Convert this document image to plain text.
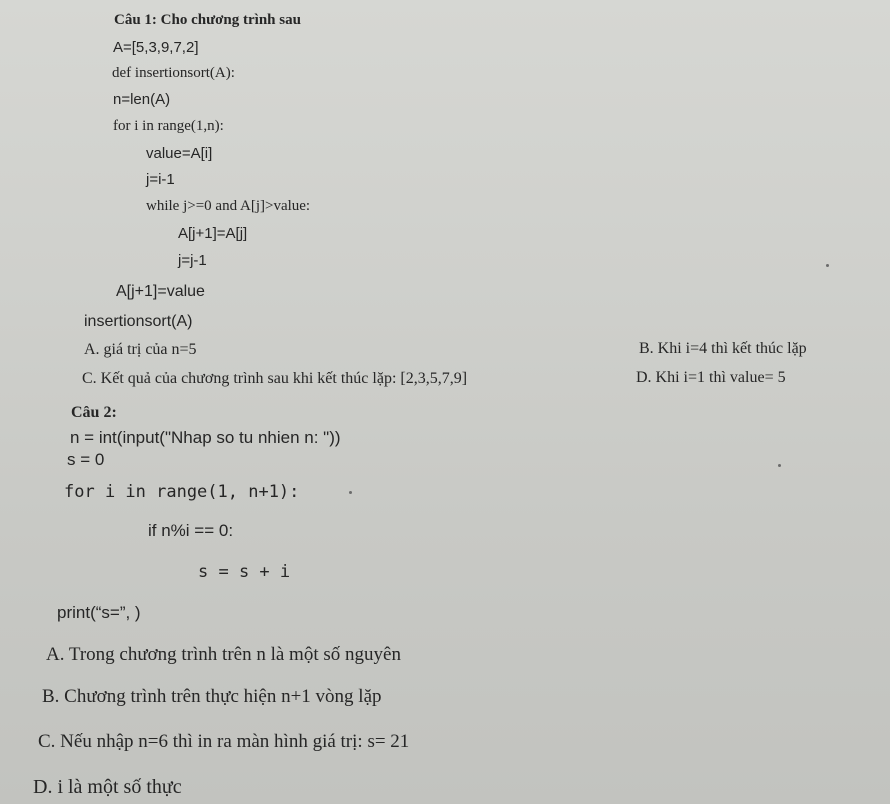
Câu 1: Cho chương trình sau
A=[5,3,9,7,2]
def insertionsort(A):
n=len(A)
for i in range(1,n):
value=A[i]
j=i-1
while j>=0 and A[j]>value:
A[j+1]=A[j]
j=j-1
A[j+1]=value
insertionsort(A)
A. giá trị của n=5	B. Khi i=4 thì kết thúc lặp
C. Kết quả của chương trình sau khi kết thúc lặp: [2,3,5,7,9]	D. Khi i=1 thì value= 5
Câu 2:
n = int(input("Nhap so tu nhien n: "))
s = 0
for i in range(1, n+1):
if n%i == 0:
s = s + i
print(“s=”, )
A. Trong chương trình trên n là một số nguyên
B. Chương trình trên thực hiện n+1 vòng lặp
C. Nếu nhập n=6 thì in ra màn hình giá trị: s= 21
D. i là một số thực
